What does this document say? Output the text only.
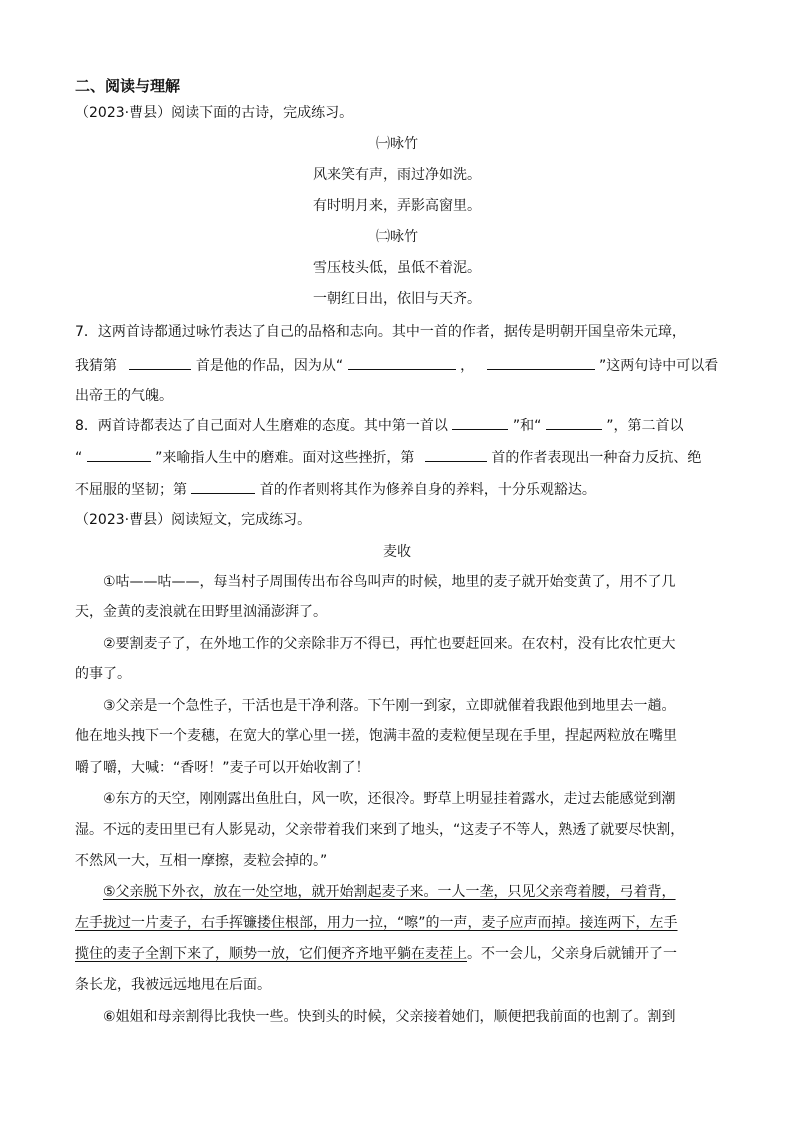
二、阅读与理解
（2023·曹县）阅读下面的古诗，完成练习。
㈠咏竹
风来笑有声，雨过净如洗。
有时明月来，弄影高窗里。
㈡咏竹
雪压枝头低，虽低不着泥。
一朝红日出，依旧与天齐。
7．这两首诗都通过咏竹表达了自己的品格和志向。其中一首的作者，据传是明朝开国皇帝朱元璋，
我猜第	首是他的作品，因为从“	，	”这两句诗中可以看
出帝王的气魄。
8．两首诗都表达了自己面对人生磨难的态度。其中第一首以	”和“	”，第二首以
“	”来喻指人生中的磨难。面对这些挫折，第	首的作者表现出一种奋力反抗、绝
不屈服的坚韧；第	首的作者则将其作为修养自身的养料，十分乐观豁达。
（2023·曹县）阅读短文，完成练习。
麦收
①咕——咕——，每当村子周围传出布谷鸟叫声的时候，地里的麦子就开始变黄了，用不了几
天，金黄的麦浪就在田野里汹涌澎湃了。
②要割麦子了，在外地工作的父亲除非万不得已，再忙也要赶回来。在农村，没有比农忙更大
的事了。
③父亲是一个急性子，干活也是干净利落。下午刚一到家，立即就催着我跟他到地里去一趟。
他在地头拽下一个麦穗，在宽大的掌心里一搓，饱满丰盈的麦粒便呈现在手里，捏起两粒放在嘴里
嚼了嚼，大喊：“香呀！”麦子可以开始收割了！
④东方的天空，刚刚露出鱼肚白，风一吹，还很冷。野草上明显挂着露水，走过去能感觉到潮
湿。不远的麦田里已有人影晃动，父亲带着我们来到了地头，“这麦子不等人，熟透了就要尽快割，
不然风一大，互相一摩擦，麦粒会掉的。”
⑤父亲脱下外衣，放在一处空地，就开始割起麦子来。一人一垄，只见父亲弯着腰，弓着背，
左手拢过一片麦子，右手挥镰搂住根部，用力一拉，“嚓”的一声，麦子应声而掉。接连两下，左手
揽住的麦子全割下来了，顺势一放，它们便齐齐地平躺在麦茬上。不一会儿，父亲身后就铺开了一
条长龙，我被远远地甩在后面。
⑥姐姐和母亲割得比我快一些。快到头的时候，父亲接着她们，顺便把我前面的也割了。割到
